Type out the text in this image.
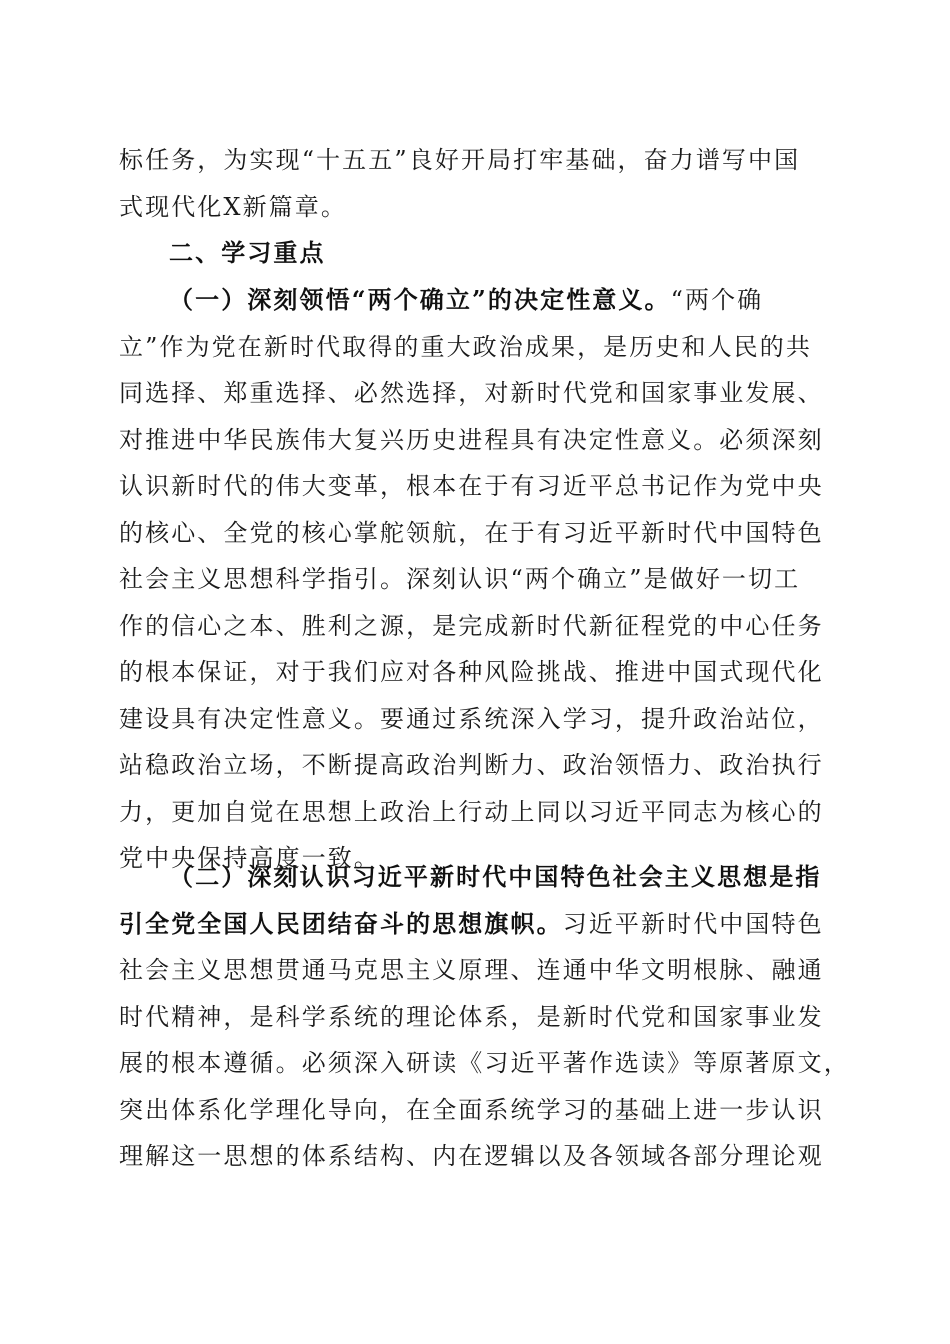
标任务，为实现“十五五”良好开局打牢基础，奋力谱写中国
式现代化X新篇章。
二、学习重点
（一）深刻领悟“两个确立”的决定性意义。“两个确
立”作为党在新时代取得的重大政治成果，是历史和人民的共
同选择、郑重选择、必然选择，对新时代党和国家事业发展、
对推进中华民族伟大复兴历史进程具有决定性意义。必须深刻
认识新时代的伟大变革，根本在于有习近平总书记作为党中央
的核心、全党的核心掌舵领航，在于有习近平新时代中国特色
社会主义思想科学指引。深刻认识“两个确立”是做好一切工
作的信心之本、胜利之源，是完成新时代新征程党的中心任务
的根本保证，对于我们应对各种风险挑战、推进中国式现代化
建设具有决定性意义。要通过系统深入学习，提升政治站位，
站稳政治立场，不断提高政治判断力、政治领悟力、政治执行
力，更加自觉在思想上政治上行动上同以习近平同志为核心的
党中央保持高度一致。
（二）深刻认识习近平新时代中国特色社会主义思想是指
引全党全国人民团结奋斗的思想旗帜。习近平新时代中国特色
社会主义思想贯通马克思主义原理、连通中华文明根脉、融通
时代精神，是科学系统的理论体系，是新时代党和国家事业发
展的根本遵循。必须深入研读《习近平著作选读》等原著原文，
突出体系化学理化导向，在全面系统学习的基础上进一步认识
理解这一思想的体系结构、内在逻辑以及各领域各部分理论观
